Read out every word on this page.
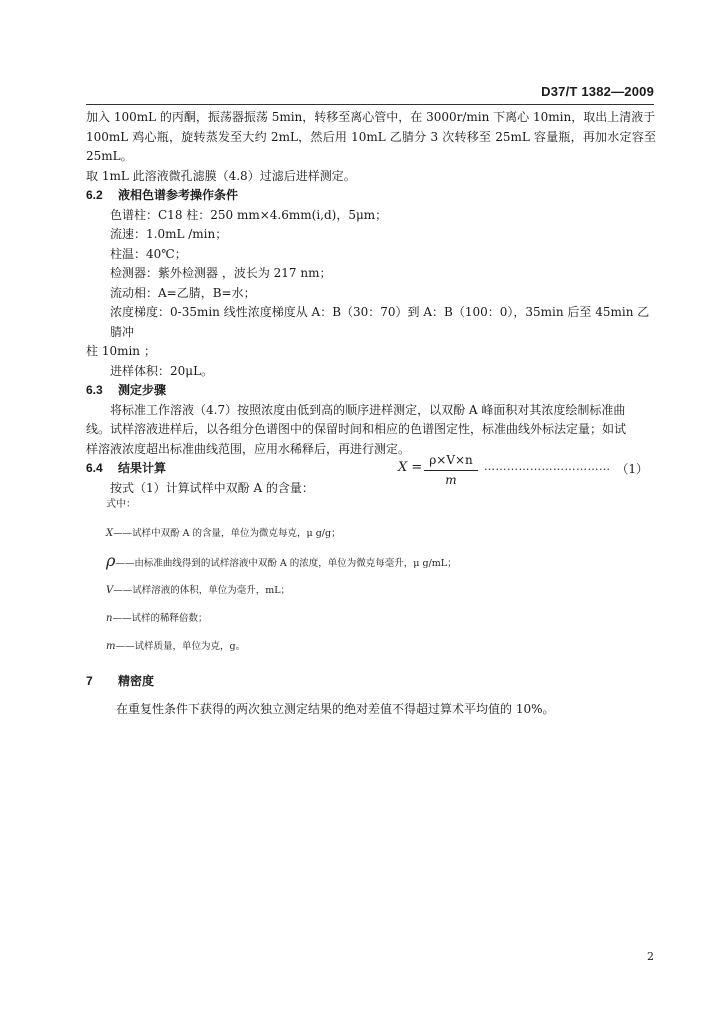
D37/T 1382—2009

加入 100mL 的丙酮，振荡器振荡 5min，转移至离心管中，在 3000r/min 下离心 10min，取出上清液于

100mL 鸡心瓶，旋转蒸发至大约 2mL，然后用 10mL 乙腈分 3 次转移至 25mL 容量瓶，再加水定容至 25mL。

取 1mL 此溶液微孔滤膜（4.8）过滤后进样测定。

6.2 液相色谱参考操作条件

色谱柱：C18 柱：250 mm×4.6mm(i,d)，5μm；

流速：1.0mL /min；

柱温：40℃；

检测器：紫外检测器 ，波长为 217 nm；

流动相：A=乙腈，B=水；

浓度梯度：0-35min 线性浓度梯度从 A：B（30：70）到 A：B（100：0），35min 后至 45min 乙腈冲

柱 10min ；

进样体积：20μL。

6.3 测定步骤

将标准工作溶液（4.7）按照浓度由低到高的顺序进样测定，以双酚 A 峰面积对其浓度绘制标准曲

线。试样溶液进样后，以各组分色谱图中的保留时间和相应的色谱图定性，标准曲线外标法定量；如试

样溶液浓度超出标准曲线范围，应用水稀释后，再进行测定。

6.4 结果计算

按式（1）计算试样中双酚 A 的含量：

X = ρ×V×n
m
…………………………… （1）
式中：
X——试样中双酚 A 的含量，单位为微克每克，μ g/g；
ρ——由标准曲线得到的试样溶液中双酚 A 的浓度，单位为微克每毫升，μ g/mL；
V——试样溶液的体积，单位为毫升，mL；
n——试样的稀释倍数；
m——试样质量，单位为克，g。
7 精密度
在重复性条件下获得的两次独立测定结果的绝对差值不得超过算术平均值的 10%。
2
